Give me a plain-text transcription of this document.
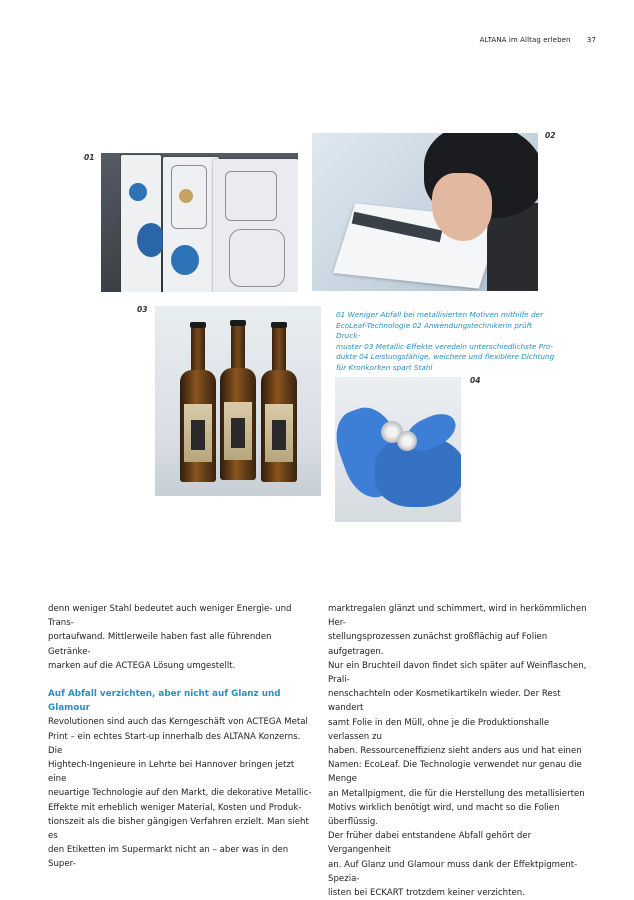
ALTANA im Alltag erleben 37
01
02
03
04

01 Weniger Abfall bei metallisierten Motiven mithilfe der

EcoLeaf-Technologie 02 Anwendungstechnikerin prüft Druck-

muster 03 Metallic-Effekte veredeln unterschiedlichste Pro-

dukte 04 Leistungsfähige, weichere und flexiblere Dichtung

für Kronkorken spart Stahl

denn weniger Stahl bedeutet auch weniger Energie- und Trans-

portaufwand. Mittlerweile haben fast alle führenden Getränke-

marken auf die ACTEGA Lösung umgestellt.

Auf Abfall verzichten, aber nicht auf Glanz und Glamour

Revolutionen sind auch das Kerngeschäft von ACTEGA Metal

Print – ein echtes Start-up innerhalb des ALTANA Konzerns. Die

Hightech-Ingenieure in Lehrte bei Hannover bringen jetzt eine

neuartige Technologie auf den Markt, die dekorative Metallic-

Effekte mit erheblich weniger Material, Kosten und Produk-

tionszeit als die bisher gängigen Verfahren erzielt. Man sieht es

den Etiketten im Supermarkt nicht an – aber was in den Super-

marktregalen glänzt und schimmert, wird in herkömmlichen Her-

stellungsprozessen zunächst großflächig auf Folien aufgetragen.

Nur ein Bruchteil davon findet sich später auf Weinflaschen, Prali-

nenschachteln oder Kosmetikartikeln wieder. Der Rest wandert

samt Folie in den Müll, ohne je die Produktionshalle verlassen zu

haben. Ressourceneffizienz sieht anders aus und hat einen

Namen: EcoLeaf. Die Technologie verwendet nur genau die Menge

an Metallpigment, die für die Herstellung des metallisierten

Motivs wirklich benötigt wird, und macht so die Folien überflüssig.

Der früher dabei entstandene Abfall gehört der Vergangenheit

an. Auf Glanz und Glamour muss dank der Effektpigment-Spezia-

listen bei ECKART trotzdem keiner verzichten.
